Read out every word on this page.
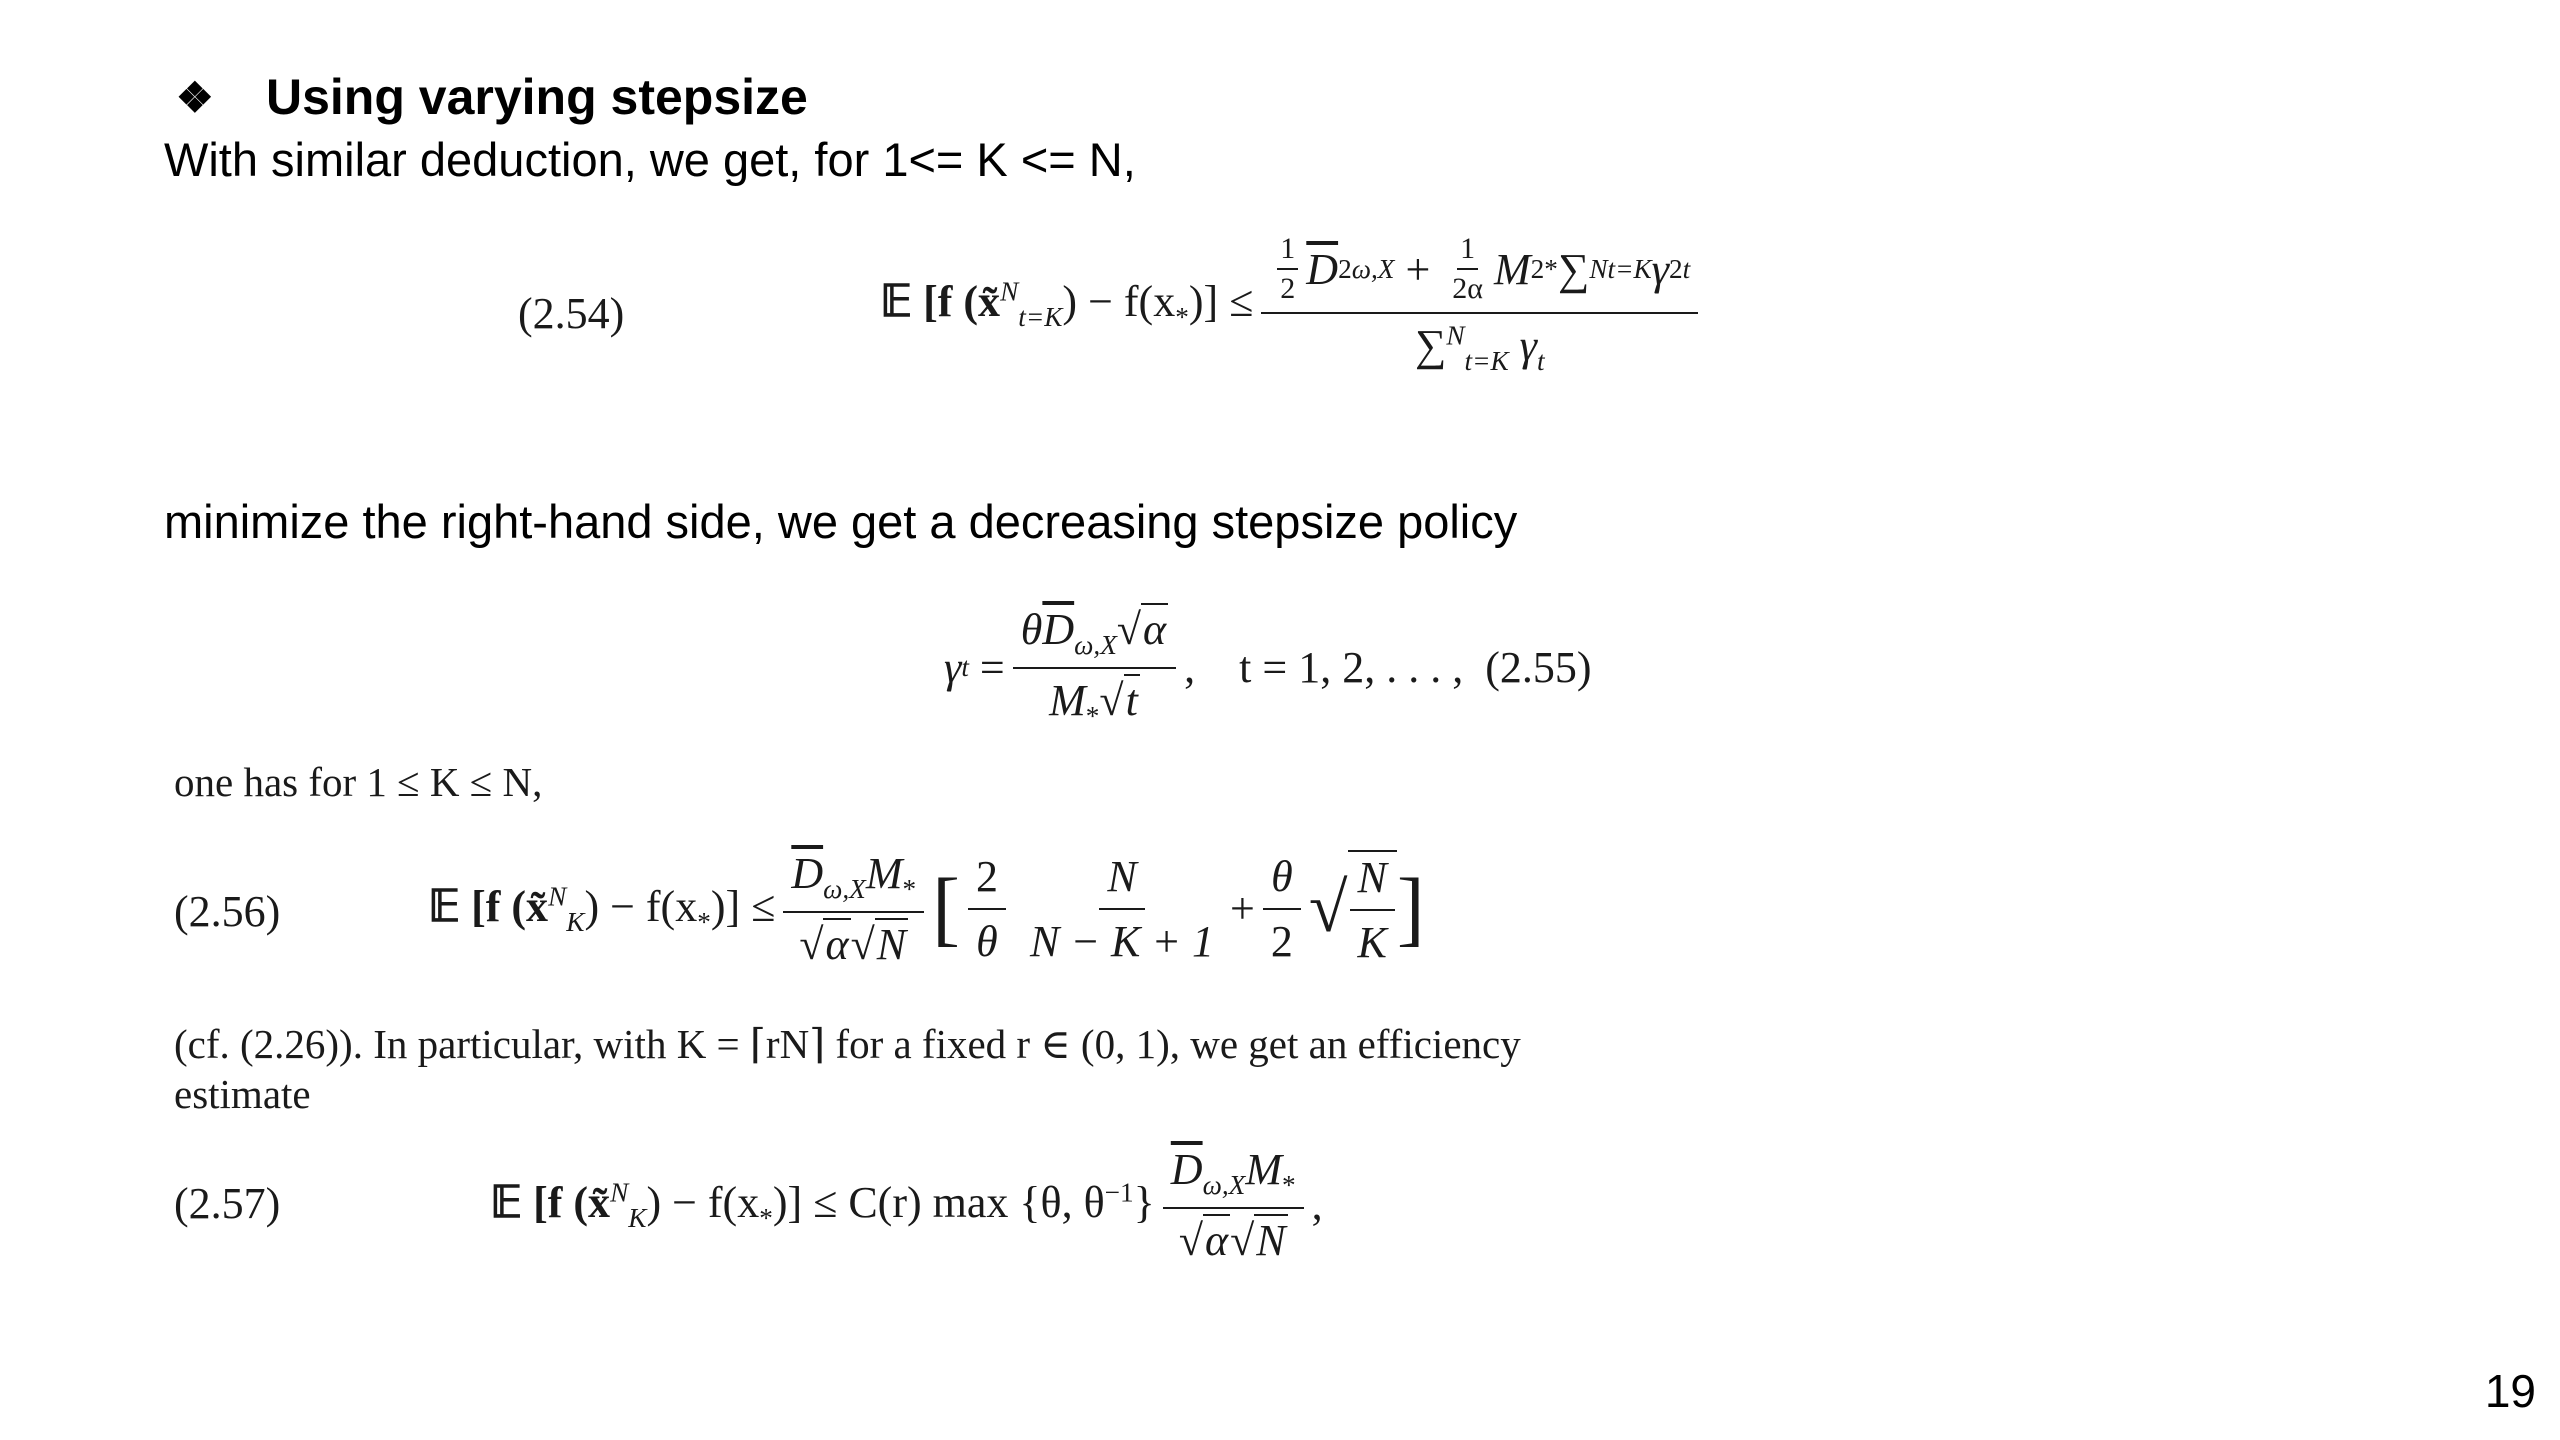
❖	Using varying stepsize
With similar deduction, we get, for 1<= K <= N,
(2.54)	𝔼 [f (x̃$^N_{t=K}$) − $f(x_*)] \le \frac{1}{2} \overline{D}$ 2 ω,X
+
$\frac{1}{2\alpha}$ M 2 * ∑ N t=K γ 2 t
∑$^N_{t=K}$ $\gamma_t$
minimize the right-hand side, we get a decreasing stepsize policy
γ t
= $\frac{\theta\overline{D}_{\omega,X}√\alpha}{M_*√t}$ , t = 1, 2, . . . ,
(2.55)
one has for 1 ≤ K ≤ N,
(2.56)	𝔼 [f (x̃$^N_K$) − $f(x_*)] \le \frac{\overline{D}_{\omega,X}M_*}{√\alpha√N}$ [ $\frac{2}{\theta} \frac{N}{N - K + 1} + \frac{\theta}{2}$ √ $\frac{N}{K}$ ]
(cf. (2.26)). In particular, with K = ⌈rN⌉ for a fixed r ∈ (0, 1), we get an efficiency
estimate
(2.57)	𝔼 [f (x̃$^N_K$) − $f(x_*)] \le C(r)$ max {θ, $\theta^{-1}\} \frac{\overline{D}_{\omega,X}M_*}{√\alpha√N}$ ,
19
